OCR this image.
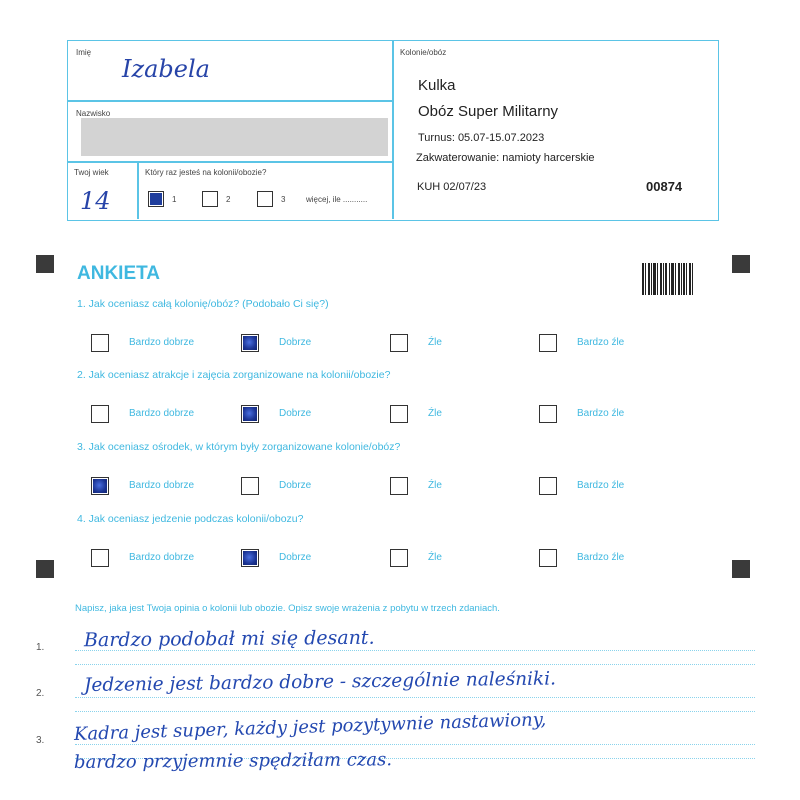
Imię
Izabela
Nazwisko
Twoj wiek
14
Który raz jesteś na kolonii/obozie?
1	2	3	więcej, ile ...........
Kolonie/obóz
Kulka
Obóz Super Militarny
Turnus: 05.07-15.07.2023
Zakwaterowanie: namioty harcerskie
KUH 02/07/23	00874
ANKIETA
1. Jak oceniasz całą kolonię/obóz? (Podobało Ci się?)
Bardzo dobrze	Dobrze	Źle	Bardzo źle
2. Jak oceniasz atrakcje i zajęcia zorganizowane na kolonii/obozie?
Bardzo dobrze	Dobrze	Źle	Bardzo źle
3. Jak oceniasz ośrodek, w którym były zorganizowane kolonie/obóz?
Bardzo dobrze	Dobrze	Źle	Bardzo źle
4. Jak oceniasz jedzenie podczas kolonii/obozu?
Bardzo dobrze	Dobrze	Źle	Bardzo źle
Napisz, jaka jest Twoja opinia o kolonii lub obozie. Opisz swoje wrażenia z pobytu w trzech zdaniach.
1.
2.
3.
Bardzo podobał mi się desant.
Jedzenie jest bardzo dobre - szczególnie naleśniki.
Kadra jest super, każdy jest pozytywnie nastawiony,
bardzo przyjemnie spędziłam czas.
